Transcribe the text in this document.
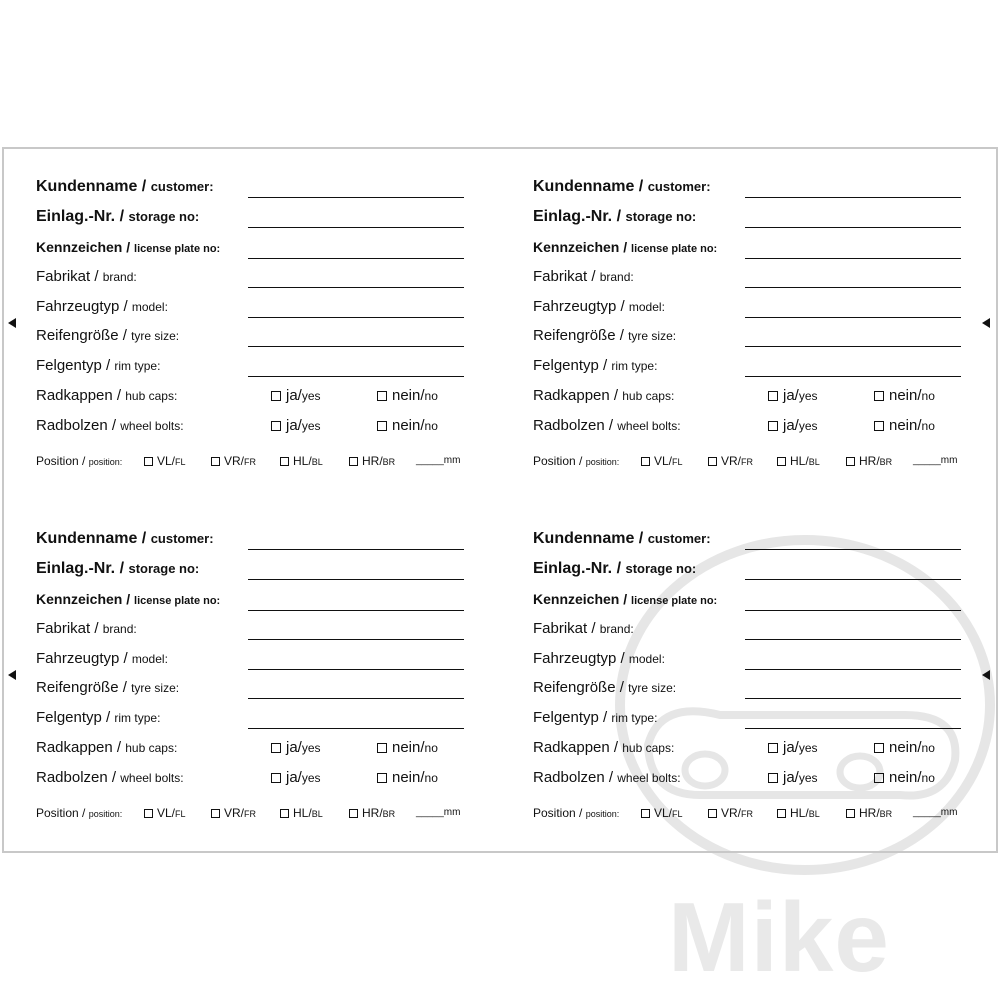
Mike
Kundenname / customer:
Einlag.-Nr. / storage no:
Kennzeichen / license plate no:
Fabrikat / brand:
Fahrzeugtyp / model:
Reifengröße / tyre size:
Felgentyp / rim type:
Radkappen / hub caps:	ja/yes	nein/no
Radbolzen / wheel bolts:	ja/yes	nein/no
Position / position:	VL/FL	VR/FR	HL/BL	HR/BR _____mm
Kundenname / customer:
Einlag.-Nr. / storage no:
Kennzeichen / license plate no:
Fabrikat / brand:
Fahrzeugtyp / model:
Reifengröße / tyre size:
Felgentyp / rim type:
Radkappen / hub caps:	ja/yes	nein/no
Radbolzen / wheel bolts:	ja/yes	nein/no
Position / position:	VL/FL	VR/FR	HL/BL	HR/BR _____mm
Kundenname / customer:
Einlag.-Nr. / storage no:
Kennzeichen / license plate no:
Fabrikat / brand:
Fahrzeugtyp / model:
Reifengröße / tyre size:
Felgentyp / rim type:
Radkappen / hub caps:	ja/yes	nein/no
Radbolzen / wheel bolts:	ja/yes	nein/no
Position / position:	VL/FL	VR/FR	HL/BL	HR/BR _____mm
Kundenname / customer:
Einlag.-Nr. / storage no:
Kennzeichen / license plate no:
Fabrikat / brand:
Fahrzeugtyp / model:
Reifengröße / tyre size:
Felgentyp / rim type:
Radkappen / hub caps:	ja/yes	nein/no
Radbolzen / wheel bolts:	ja/yes	nein/no
Position / position:	VL/FL	VR/FR	HL/BL	HR/BR _____mm
